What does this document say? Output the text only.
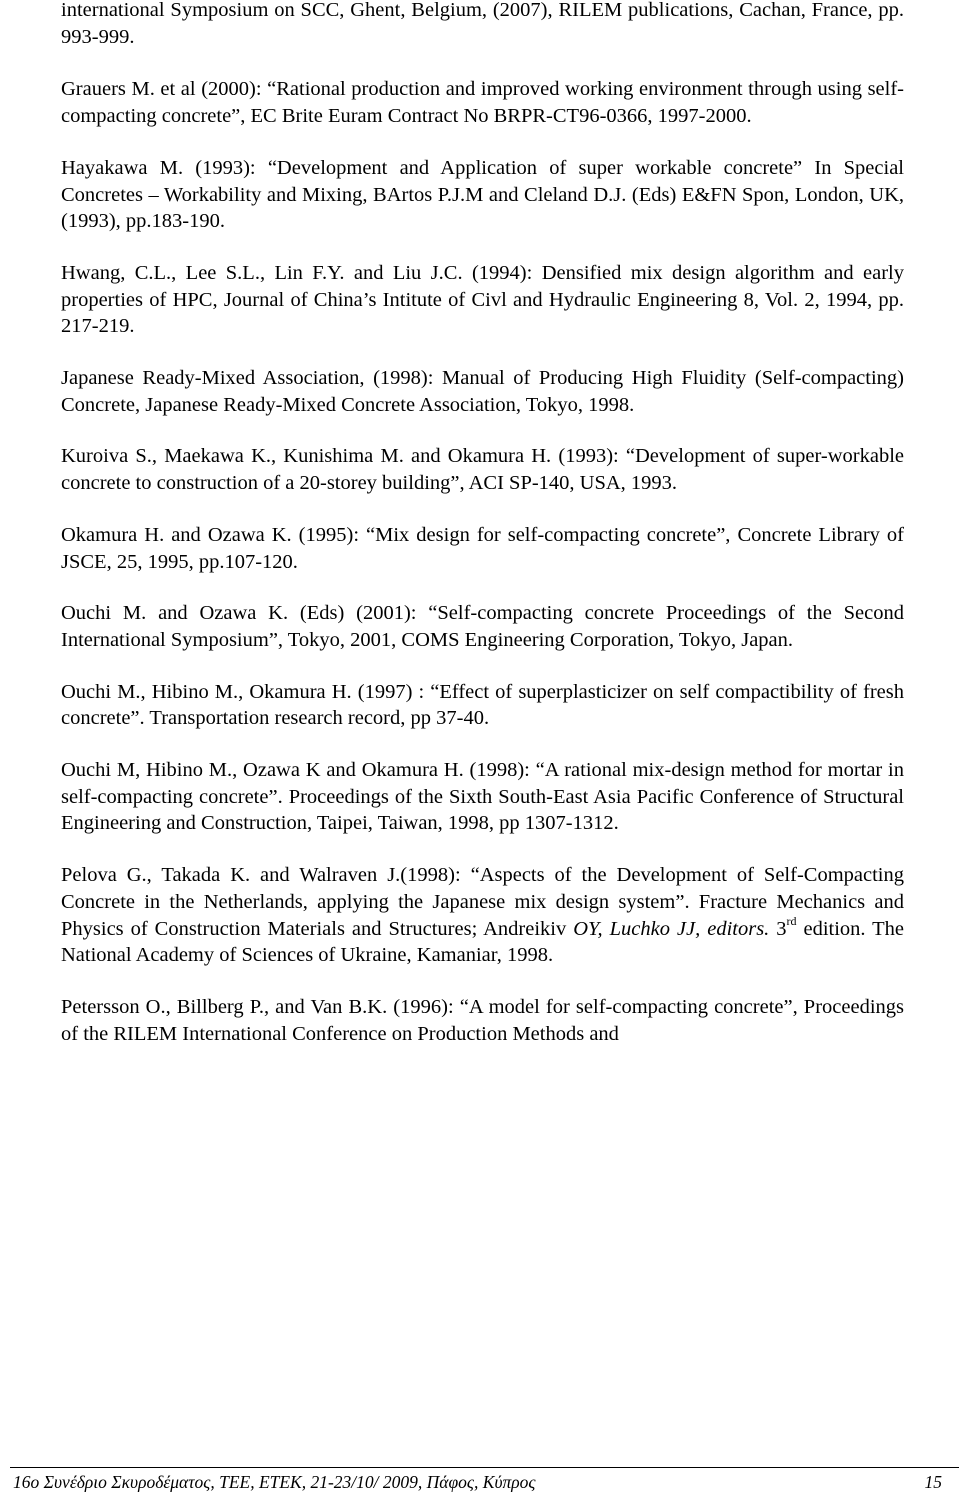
international Symposium on SCC, Ghent, Belgium, (2007), RILEM publications, Cachan, France, pp. 993-999.

Grauers M. et al (2000): “Rational production and improved working environment through using self-compacting concrete”, EC Brite Euram Contract No BRPR-CT96-0366, 1997-2000.

Hayakawa M. (1993): “Development and Application of super workable concrete” In Special Concretes – Workability and Mixing, BArtos P.J.M and Cleland D.J. (Eds) E&FN Spon, London, UK, (1993), pp.183-190.

Hwang, C.L., Lee S.L., Lin F.Y. and Liu J.C. (1994): Densified mix design algorithm and early properties of HPC, Journal of China’s Intitute of Civl and Hydraulic Engineering 8, Vol. 2, 1994, pp. 217-219.

Japanese Ready-Mixed Association, (1998): Manual of Producing High Fluidity (Self-compacting) Concrete, Japanese Ready-Mixed Concrete Association, Tokyo, 1998.

Kuroiva S., Maekawa K., Kunishima M. and Okamura H. (1993): “Development of super-workable concrete to construction of a 20-storey building”, ACI SP-140, USA, 1993.

Okamura H. and Ozawa K. (1995): “Mix design for self-compacting concrete”, Concrete Library of JSCE, 25, 1995, pp.107-120.

Ouchi M. and Ozawa K. (Eds) (2001): “Self-compacting concrete Proceedings of the Second International Symposium”, Tokyo, 2001, COMS Engineering Corporation, Tokyo, Japan.

Ouchi M., Hibino M., Okamura H. (1997) : “Effect of superplasticizer on self compactibility of fresh concrete”. Transportation research record, pp 37-40.

Ouchi M, Hibino M., Ozawa K and Okamura H. (1998): “A rational mix-design method for mortar in self-compacting concrete”. Proceedings of the Sixth South-East Asia Pacific Conference of Structural Engineering and Construction, Taipei, Taiwan, 1998, pp 1307-1312.

Pelova G., Takada K. and Walraven J.(1998): “Aspects of the Development of Self-Compacting Concrete in the Netherlands, applying the Japanese mix design system”. Fracture Mechanics and Physics of Construction Materials and Structures; Andreikiv OY, Luchko JJ, editors. 3rd edition. The National Academy of Sciences of Ukraine, Kamaniar, 1998.

Petersson O., Billberg P., and Van B.K. (1996): “A model for self-compacting concrete”, Proceedings of the RILEM International Conference on Production Methods and

16ο Συνέδριο Σκυροδέματος, ΤΕΕ, ΕΤΕΚ, 21-23/10/ 2009, Πάφος, Κύπρος	15
